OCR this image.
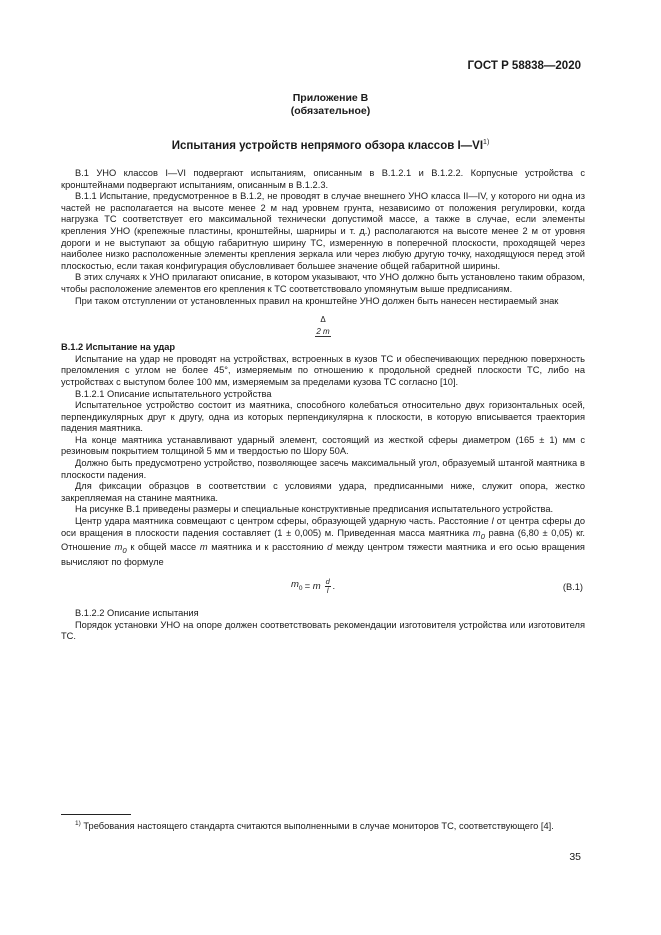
ГОСТ Р 58838—2020
Приложение В
(обязательное)
Испытания устройств непрямого обзора классов I—VI$^{1)}$

В.1 УНО классов I—VI подвергают испытаниям, описанным в В.1.2.1 и В.1.2.2. Корпусные устройства с кронштейнами подвергают испытаниям, описанным в В.1.2.3.

В.1.1 Испытание, предусмотренное в В.1.2, не проводят в случае внешнего УНО класса II—IV, у которого ни одна из частей не располагается на высоте менее 2 м над уровнем грунта, независимо от положения регулировки, когда нагрузка ТС соответствует его максимальной технически допустимой массе, а также в случае, если элементы крепления УНО (крепежные пластины, кронштейны, шарниры и т. д.) располагаются на высоте менее 2 м от уровня дороги и не выступают за общую габаритную ширину ТС, измеренную в поперечной плоскости, проходящей через наиболее низко расположенные элементы крепления зеркала или через любую другую точку, находящуюся перед этой плоскостью, если такая конфигурация обусловливает большее значение общей габаритной ширины.

В этих случаях к УНО прилагают описание, в котором указывают, что УНО должно быть установлено таким образом, чтобы расположение элементов его крепления к ТС соответствовало упомянутым выше предписаниям.

При таком отступлении от установленных правил на кронштейне УНО должен быть нанесен нестираемый знак

Δ
2 m

В.1.2 Испытание на удар

Испытание на удар не проводят на устройствах, встроенных в кузов ТС и обеспечивающих переднюю поверхность преломления с углом не более 45°, измеряемым по отношению к продольной средней плоскости ТС, либо на устройствах с выступом более 100 мм, измеряемым за пределами кузова ТС согласно [10].

В.1.2.1 Описание испытательного устройства

Испытательное устройство состоит из маятника, способного колебаться относительно двух горизонтальных осей, перпендикулярных друг к другу, одна из которых перпендикулярна к плоскости, в которую вписывается траектория падения маятника.

На конце маятника устанавливают ударный элемент, состоящий из жесткой сферы диаметром (165 ± 1) мм с резиновым покрытием толщиной 5 мм и твердостью по Шору 50А.

Должно быть предусмотрено устройство, позволяющее засечь максимальный угол, образуемый штангой маятника в плоскости падения.

Для фиксации образцов в соответствии с условиями удара, предписанными ниже, служит опора, жестко закрепляемая на станине маятника.

На рисунке В.1 приведены размеры и специальные конструктивные предписания испытательного устройства.

Центр удара маятника совмещают с центром сферы, образующей ударную часть. Расстояние l от центра сферы до оси вращения в плоскости падения составляет (1 ± 0,005) м. Приведенная масса маятника $m_0$ равна (6,80 ± 0,05) кг. Отношение $m_0$ к общей массе m маятника и к расстоянию d между центром тяжести маятника и его осью вращения вычисляют по формуле

$m_0 = m \frac{d}{l}$ .	(В.1)

В.1.2.2 Описание испытания

Порядок установки УНО на опоре должен соответствовать рекомендации изготовителя устройства или изготовителя ТС.

$^{1)}$ Требования настоящего стандарта считаются выполненными в случае мониторов ТС, соответствующего [4].
35
